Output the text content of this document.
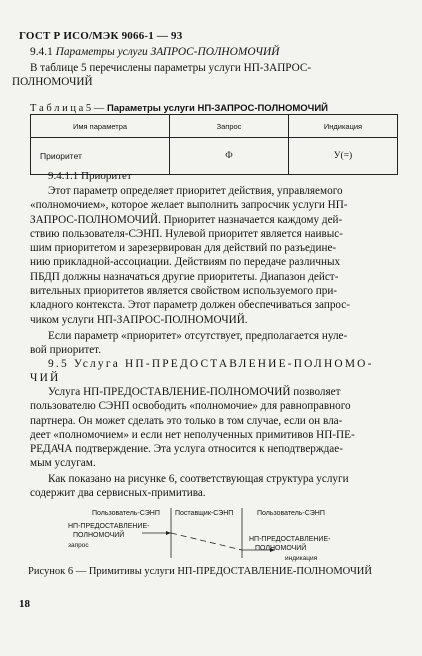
ГОСТ Р ИСО/МЭК 9066-1 — 93
9.4.1 Параметры услуги ЗАПРОС-ПОЛНОМОЧИЙ
В таблице 5 перечислены параметры услуги НП-ЗАПРОС-
ПОЛНОМОЧИЙ
Т а б л и ц а 5 — Параметры услуги НП-ЗАПРОС-ПОЛНОМОЧИЙ
Имя параметра	Запрос	Индикация
Приоритет	Ф	У(=)
9.4.1.1 Приоритет
Этот параметр определяет приоритет действия, управляемого
«полномочием», которое желает выполнить запросчик услуги НП-
ЗАПРОС-ПОЛНОМОЧИЙ. Приоритет назначается каждому дей-
ствию пользователя-СЭНП. Нулевой приоритет является наивыс-
шим приоритетом и зарезервирован для действий по разъедине-
нию прикладной-ассоциации. Действиям по передаче различных
ПБДП должны назначаться другие приоритеты. Диапазон дейст-
вительных приоритетов является свойством используемого при-
кладного контекста. Этот параметр должен обеспечиваться запрос-
чиком услуги НП-ЗАПРОС-ПОЛНОМОЧИЙ.
Если параметр «приоритет» отсутствует, предполагается нуле-
вой приоритет.
9.5 Услуга НП-ПРЕДОСТАВЛЕНИЕ-ПОЛНОМО-
ЧИЙ
Услуга НП-ПРЕДОСТАВЛЕНИЕ-ПОЛНОМОЧИЙ позволяет
пользователю СЭНП освободить «полномочие» для равноправного
партнера. Он может сделать это только в том случае, если он вла-
деет «полномочием» и если нет неполученных примитивов НП-ПЕ-
РЕДАЧА подтверждение. Эта услуга относится к неподтверждае-
мым услугам.
Как показано на рисунке 6, соответствующая структура услуги
содержит два сервисных-примитива.
Пользователь-СЭНП Поставщик-СЭНП	Пользователь-СЭНП
НП-ПРЕДОСТАВЛЕНИЕ-
ПОЛНОМОЧИЙ
запрос
НП-ПРЕДОСТАВЛЕНИЕ-
ПОЛНОМОЧИЙ
индикация
Рисунок 6 — Примитивы услуги НП-ПРЕДОСТАВЛЕНИЕ-ПОЛНОМОЧИЙ
18
